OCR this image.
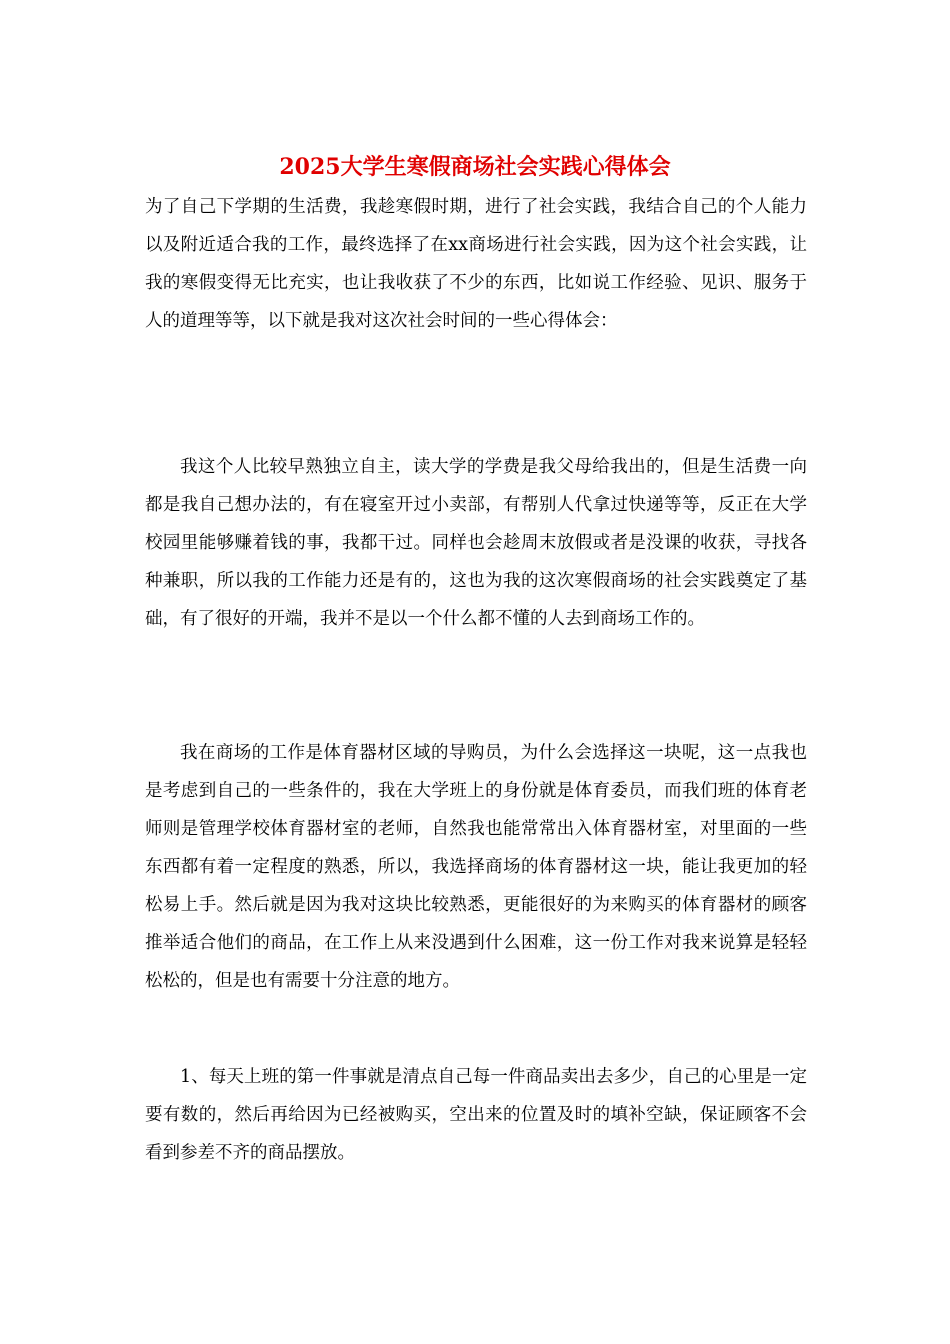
2025大学生寒假商场社会实践心得体会

为了自己下学期的生活费，我趁寒假时期，进行了社会实践，我结合自己的个人能力以及附近适合我的工作，最终选择了在xx商场进行社会实践，因为这个社会实践，让我的寒假变得无比充实，也让我收获了不少的东西，比如说工作经验、见识、服务于人的道理等等，以下就是我对这次社会时间的一些心得体会：

我这个人比较早熟独立自主，读大学的学费是我父母给我出的，但是生活费一向都是我自己想办法的，有在寝室开过小卖部，有帮别人代拿过快递等等，反正在大学校园里能够赚着钱的事，我都干过。同样也会趁周末放假或者是没课的收获，寻找各种兼职，所以我的工作能力还是有的，这也为我的这次寒假商场的社会实践奠定了基础，有了很好的开端，我并不是以一个什么都不懂的人去到商场工作的。

我在商场的工作是体育器材区域的导购员，为什么会选择这一块呢，这一点我也是考虑到自己的一些条件的，我在大学班上的身份就是体育委员，而我们班的体育老师则是管理学校体育器材室的老师，自然我也能常常出入体育器材室，对里面的一些东西都有着一定程度的熟悉，所以，我选择商场的体育器材这一块，能让我更加的轻松易上手。然后就是因为我对这块比较熟悉，更能很好的为来购买的体育器材的顾客推举适合他们的商品，在工作上从来没遇到什么困难，这一份工作对我来说算是轻轻松松的，但是也有需要十分注意的地方。

1、每天上班的第一件事就是清点自己每一件商品卖出去多少，自己的心里是一定要有数的，然后再给因为已经被购买，空出来的位置及时的填补空缺，保证顾客不会看到参差不齐的商品摆放。
